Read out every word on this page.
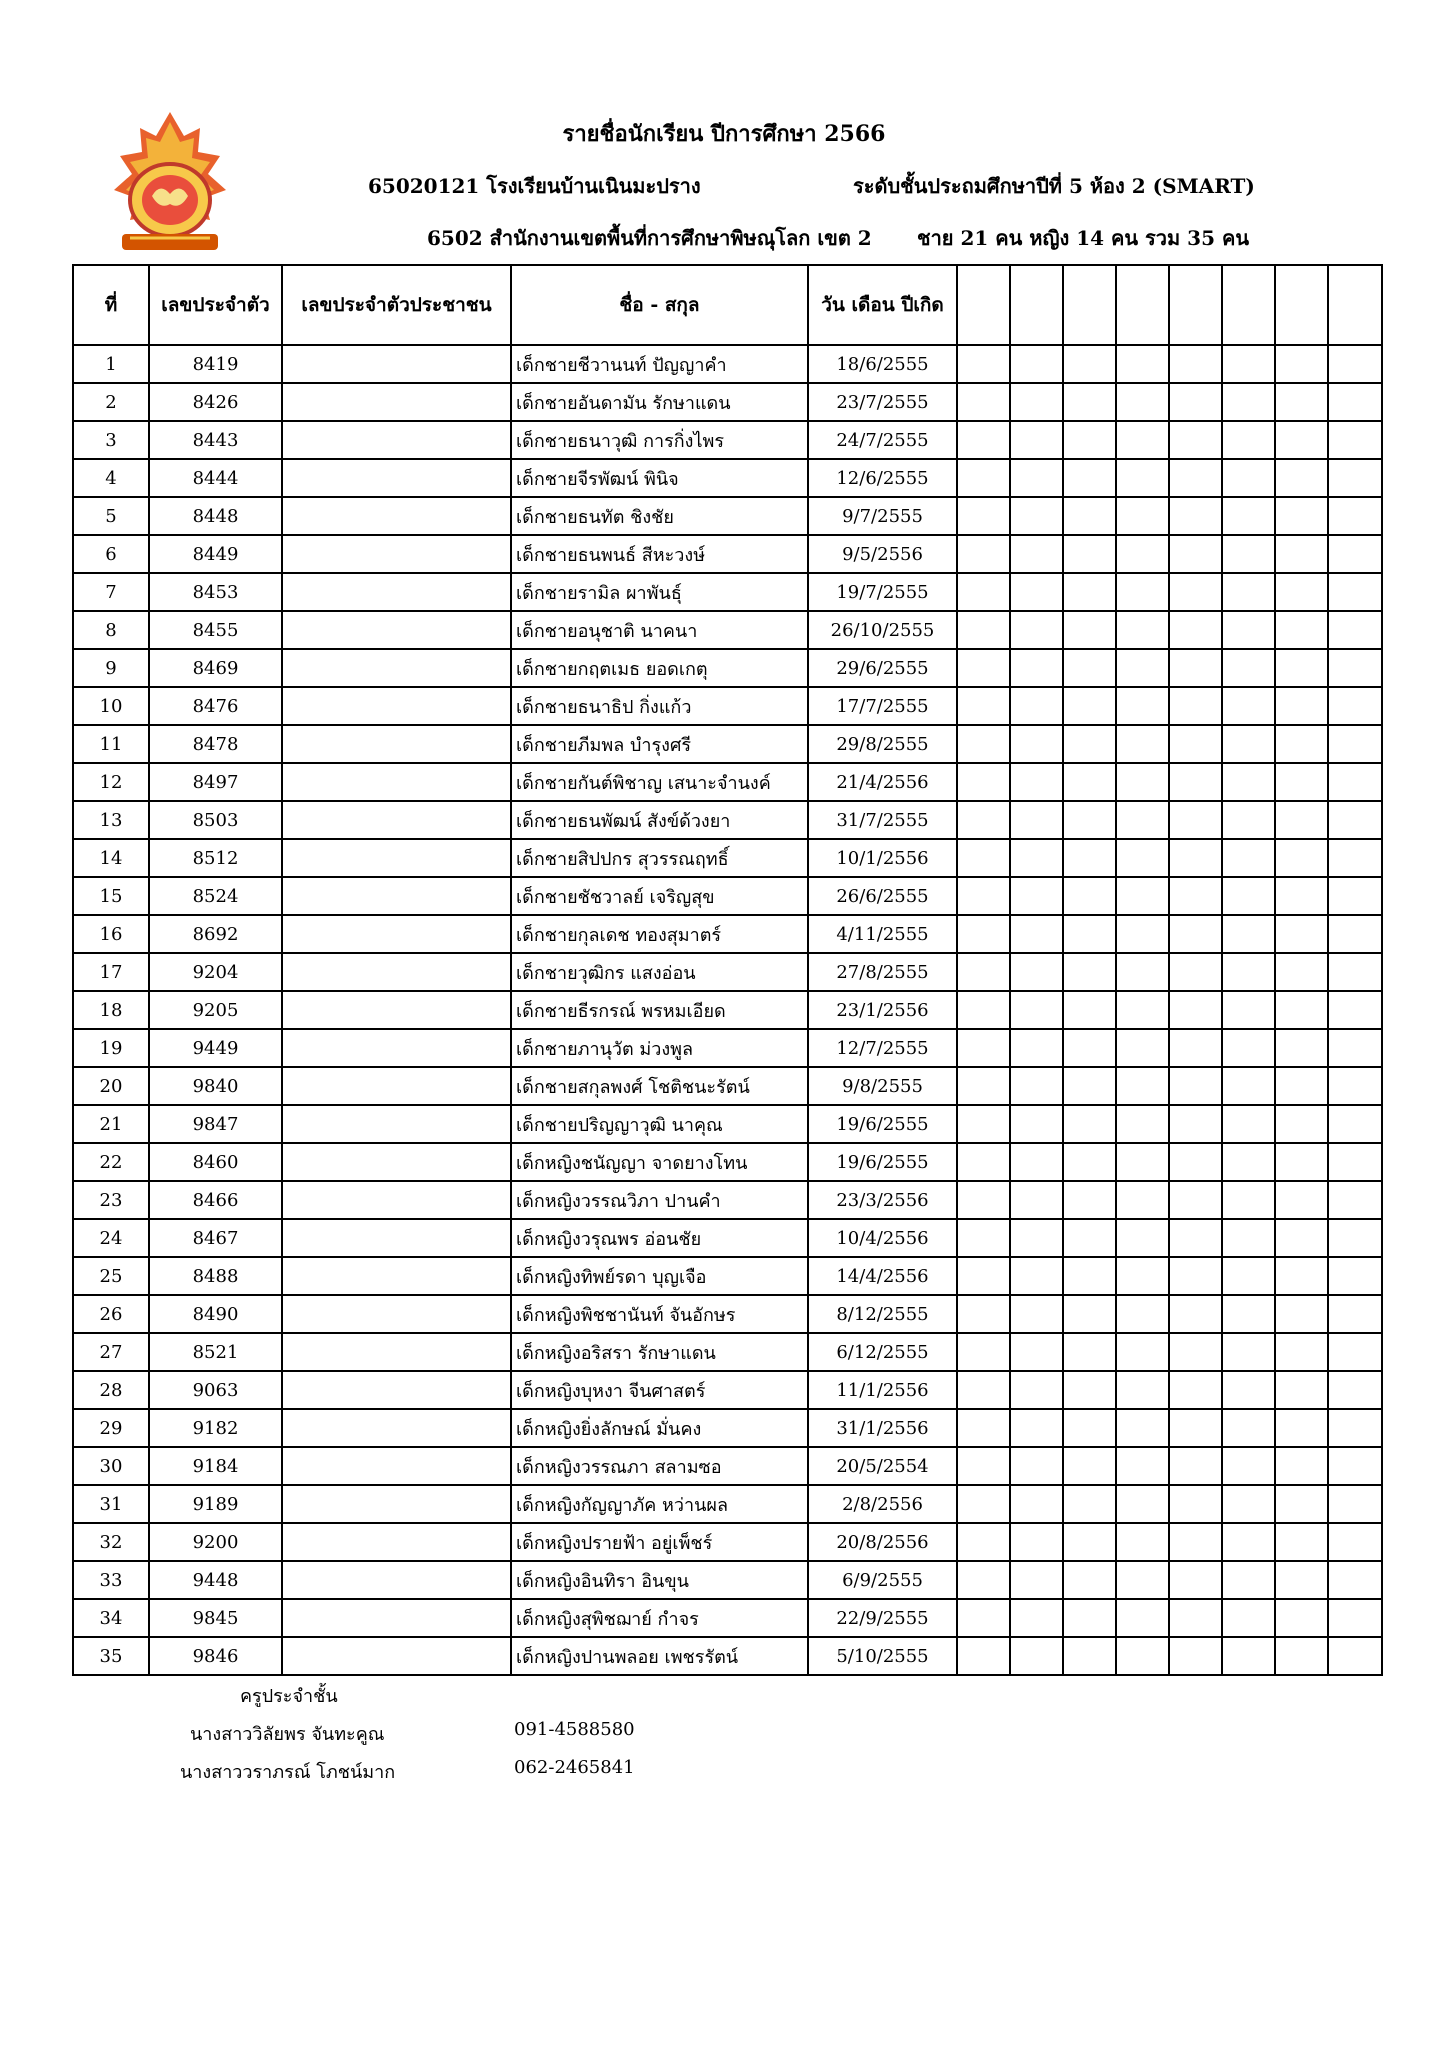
รายชื่อนักเรียน ปีการศึกษา 2566
65020121 โรงเรียนบ้านเนินมะปราง	ระดับชั้นประถมศึกษาปีที่ 5 ห้อง 2 (SMART)
6502 สำนักงานเขตพื้นที่การศึกษาพิษณุโลก เขต 2 ชาย 21 คน หญิง 14 คน รวม 35 คน
ที่	เลขประจำตัว	เลขประจำตัวประชาชน	ชื่อ - สกุล	วัน เดือน ปีเกิด								
1	8419		เด็กชายชีวานนท์ ปัญญาคำ	18/6/2555								
2	8426		เด็กชายอันดามัน รักษาแดน	23/7/2555								
3	8443		เด็กชายธนาวุฒิ การกิ่งไพร	24/7/2555								
4	8444		เด็กชายจีรพัฒน์ พินิจ	12/6/2555								
5	8448		เด็กชายธนทัต ชิงชัย	9/7/2555								
6	8449		เด็กชายธนพนธ์ สีหะวงษ์	9/5/2556								
7	8453		เด็กชายรามิล ผาพันธุ์	19/7/2555								
8	8455		เด็กชายอนุชาติ นาคนา	26/10/2555								
9	8469		เด็กชายกฤตเมธ ยอดเกตุ	29/6/2555								
10	8476		เด็กชายธนาธิป กิ่งแก้ว	17/7/2555								
11	8478		เด็กชายภีมพล บำรุงศรี	29/8/2555								
12	8497		เด็กชายกันต์พิชาญ เสนาะจำนงค์	21/4/2556								
13	8503		เด็กชายธนพัฒน์ สังข์ด้วงยา	31/7/2555								
14	8512		เด็กชายสิปปกร สุวรรณฤทธิ์	10/1/2556								
15	8524		เด็กชายชัชวาลย์ เจริญสุข	26/6/2555								
16	8692		เด็กชายกุลเดช ทองสุมาตร์	4/11/2555								
17	9204		เด็กชายวุฒิกร แสงอ่อน	27/8/2555								
18	9205		เด็กชายธีรกรณ์ พรหมเอียด	23/1/2556								
19	9449		เด็กชายภานุวัต ม่วงพูล	12/7/2555								
20	9840		เด็กชายสกุลพงศ์ โชติชนะรัตน์	9/8/2555								
21	9847		เด็กชายปริญญาวุฒิ นาคุณ	19/6/2555								
22	8460		เด็กหญิงชนัญญา จาดยางโทน	19/6/2555								
23	8466		เด็กหญิงวรรณวิภา ปานคำ	23/3/2556								
24	8467		เด็กหญิงวรุณพร อ่อนชัย	10/4/2556								
25	8488		เด็กหญิงทิพย์รดา บุญเจือ	14/4/2556								
26	8490		เด็กหญิงพิชชานันท์ จันอักษร	8/12/2555								
27	8521		เด็กหญิงอริสรา รักษาแดน	6/12/2555								
28	9063		เด็กหญิงบุหงา จีนศาสตร์	11/1/2556								
29	9182		เด็กหญิงยิ่งลักษณ์ มั่นคง	31/1/2556								
30	9184		เด็กหญิงวรรณภา สลามซอ	20/5/2554								
31	9189		เด็กหญิงกัญญาภัค หว่านผล	2/8/2556								
32	9200		เด็กหญิงปรายฟ้า อยู่เพ็ชร์	20/8/2556								
33	9448		เด็กหญิงอินทิรา อินขุน	6/9/2555								
34	9845		เด็กหญิงสุพิชฌาย์ กำจร	22/9/2555								
35	9846		เด็กหญิงปานพลอย เพชรรัตน์	5/10/2555								
ครูประจำชั้น
นางสาววิลัยพร จันทะคูณ	091-4588580
นางสาววราภรณ์ โภชน์มาก	062-2465841
